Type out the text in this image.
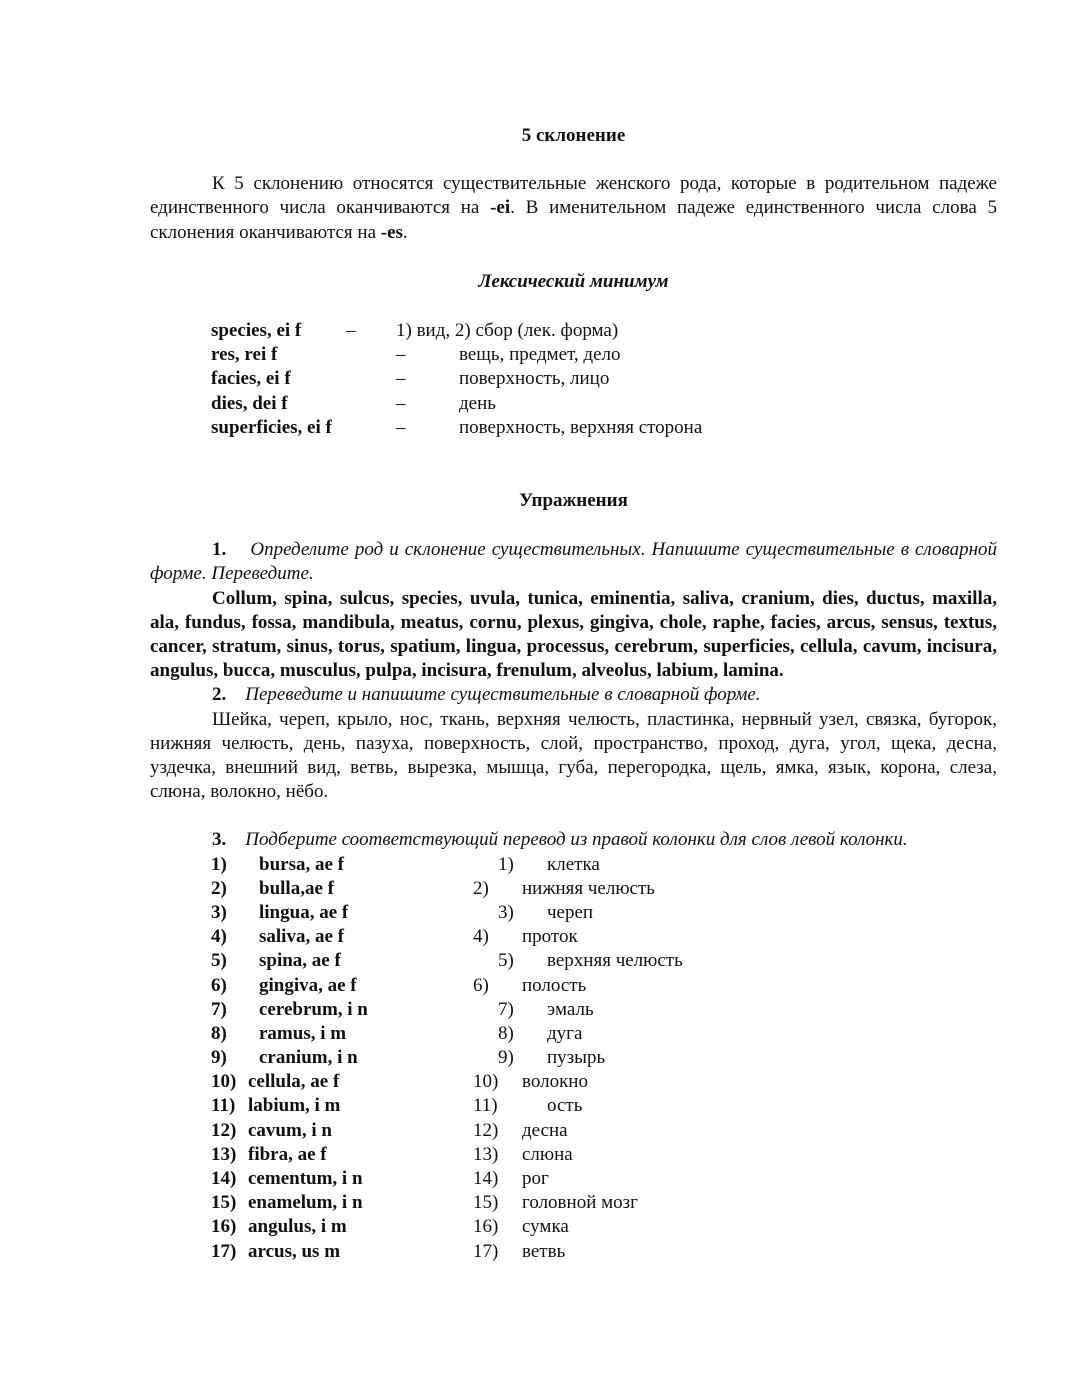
5 склонение

К 5 склонению относятся существительные женского рода, которые в родительном падеже единственного числа оканчиваются на -ei. В именительном падеже единственного числа слова 5 склонения оканчиваются на -es.

Лексический минимум
species, ei f – 1) вид, 2) сбор (лек. форма)
res, rei f	–	вещь, предмет, дело
facies, ei f	–	поверхность, лицо
dies, dei f	–	день
superficies, ei f	–	поверхность, верхняя сторона
Упражнения

1. Определите род и склонение существительных. Напишите существительные в словарной форме. Переведите.

Collum, spina, sulcus, species, uvula, tunica, eminentia, saliva, cranium, dies, ductus, maxilla, ala, fundus, fossa, mandibula, meatus, cornu, plexus, gingiva, chole, raphe, facies, arcus, sensus, textus, cancer, stratum, sinus, torus, spatium, lingua, processus, cerebrum, superficies, cellula, cavum, incisura, angulus, bucca, musculus, pulpa, incisura, frenulum, alveolus, labium, lamina.

2. Переведите и напишите существительные в словарной форме.

Шейка, череп, крыло, нос, ткань, верхняя челюсть, пластинка, нервный узел, связка, бугорок, нижняя челюсть, день, пазуха, поверхность, слой, пространство, проход, дуга, угол, щека, десна, уздечка, внешний вид, ветвь, вырезка, мышца, губа, перегородка, щель, ямка, язык, корона, слеза, слюна, волокно, нёбо.

3. Подберите соответствующий перевод из правой колонки для слов левой колонки.

1) bursa, ae f	1) клетка
2) bulla,ae f	2) нижняя челюсть
3) lingua, ae f	3) череп
4) saliva, ae f	4) проток
5) spina, ae f	5) верхняя челюсть
6) gingiva, ae f	6) полость
7) cerebrum, i n	7) эмаль
8) ramus, i m	8) дуга
9) cranium, i n	9) пузырь
10) cellula, ae f	10) волокно
11) labium, i m	11)	ость
12) cavum, i n	12) десна
13) fibra, ae f	13) слюна
14) cementum, i n	14) рог
15) enamelum, i n	15) головной мозг
16) angulus, i m	16) сумка
17) arcus, us m	17) ветвь
